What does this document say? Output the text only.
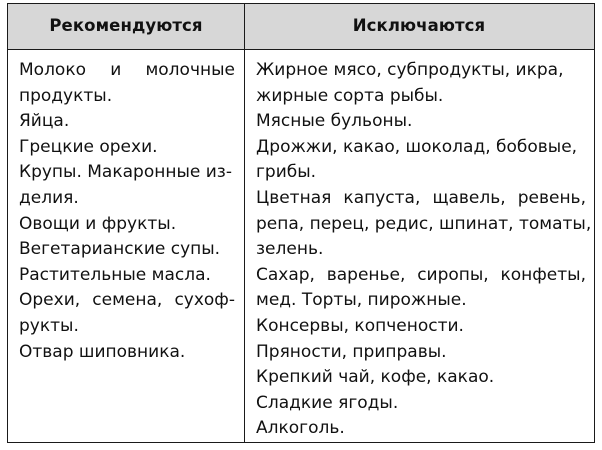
Рекомендуются	Исключаются
Молоко и молочные
продукты.
Яйца.
Грецкие орехи.
Крупы. Макаронные из-
делия.
Овощи и фрукты.
Вегетарианские супы.
Растительные масла.
Орехи, семена, сухоф-
рукты.
Отвар шиповника.
Жирное мясо, субпродукты, икра,
жирные сорта рыбы.
Мясные бульоны.
Дрожжи, какао, шоколад, бобовые,
грибы.
Цветная капуста, щавель, ревень,
репа, перец, редис, шпинат, томаты,
зелень.
Сахар, варенье, сиропы, конфеты,
мед. Торты, пирожные.
Консервы, копчености.
Пряности, приправы.
Крепкий чай, кофе, какао.
Сладкие ягоды.
Алкоголь.
